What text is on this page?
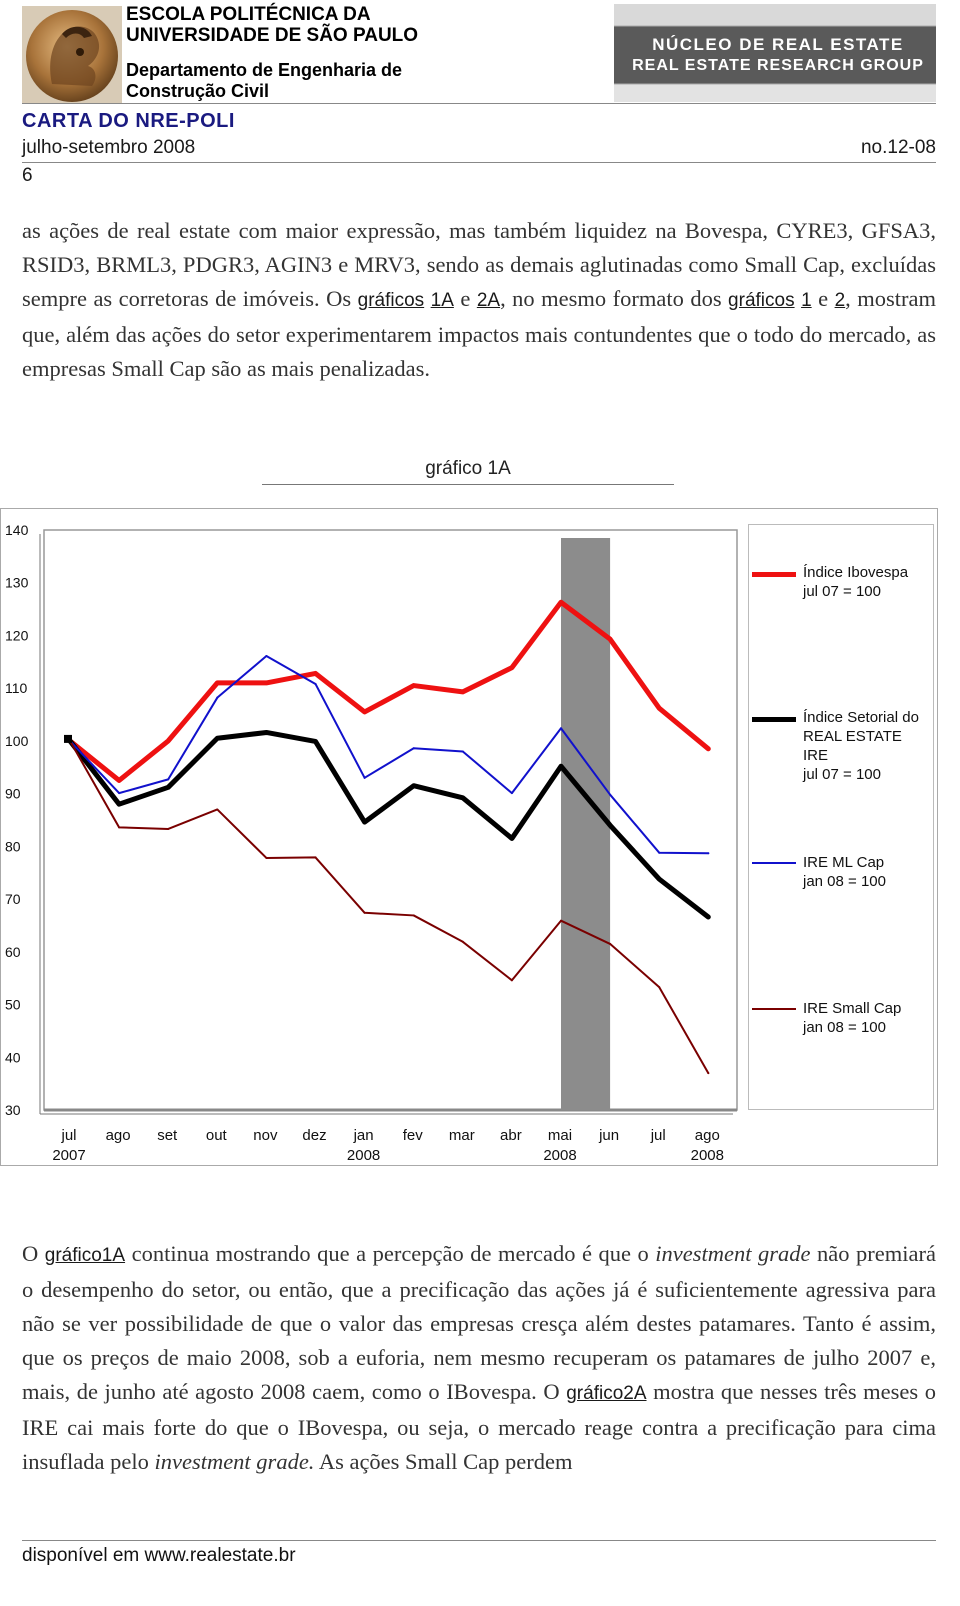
ESCOLA POLITÉCNICA DA
UNIVERSIDADE DE SÃO PAULO
Departamento de Engenharia de
Construção Civil
NÚCLEO DE REAL ESTATE
REAL ESTATE RESEARCH GROUP
CARTA DO NRE-POLI
julho-setembro 2008	no.12-08
6

as ações de real estate com maior expressão, mas também liquidez na Bovespa, CYRE3, GFSA3, RSID3, BRML3, PDGR3, AGIN3 e MRV3, sendo as demais aglutinadas como Small Cap, excluídas sempre as corretoras de imóveis. Os gráficos 1A e 2A, no mesmo formato dos gráficos 1 e 2, mostram que, além das ações do setor experimentarem impactos mais contundentes que o todo do mercado, as empresas Small Cap são as mais penalizadas.

gráfico 1A
140
130
120
110
100
90
80
70
60
50
40
30
jul
2007
ago set out nov dez jan
2008
fev mar abr mai
2008
jun jul ago
2008
Índice Ibovespa
jul 07 = 100
Índice Setorial do
REAL ESTATE
IRE
jul 07 = 100
IRE ML Cap
jan 08 = 100
IRE Small Cap
jan 08 = 100

O gráfico1A continua mostrando que a percepção de mercado é que o investment grade não premiará o desempenho do setor, ou então, que a precificação das ações já é suficientemente agressiva para não se ver possibilidade de que o valor das empresas cresça além destes patamares. Tanto é assim, que os preços de maio 2008, sob a euforia, nem mesmo recuperam os patamares de julho 2007 e, mais, de junho até agosto 2008 caem, como o IBovespa. O gráfico2A mostra que nesses três meses o IRE cai mais forte do que o IBovespa, ou seja, o mercado reage contra a precificação para cima insuflada pelo investment grade. As ações Small Cap perdem

disponível em www.realestate.br
